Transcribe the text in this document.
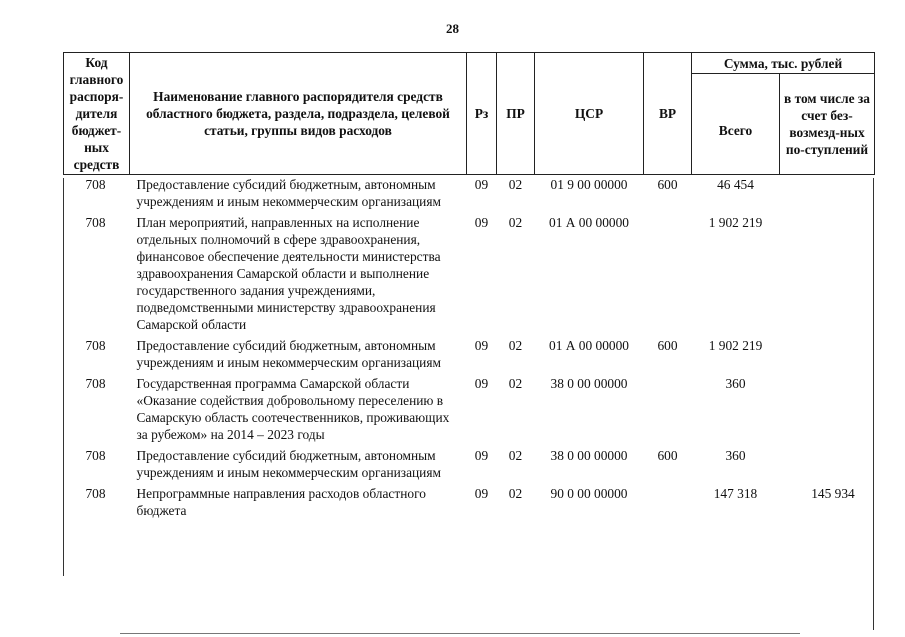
28
Код главного распоря-дителя бюджет-ных средств	Наименование главного распорядителя средств областного бюджета, раздела, подраздела, целевой статьи, группы видов расходов	Рз	ПР	ЦСР	ВР	Сумма, тыс. рублей	
						Всего	в том числе за счет без-возмезд-ных по-ступлений
708	Предоставление субсидий бюджетным, автономным учреждениям и иным некоммерческим организациям	09	02	01 9 00 00000	600	46 454	

708	План мероприятий, направленных на исполнение отдельных полномочий в сфере здравоохранения, финансовое обеспечение деятельности министерства здравоохранения Самарской области и выполнение государственного задания учреждениями, подведомственными министерству здравоохранения Самарской области	09	02	01 А 00 00000		1 902 219	

708	Предоставление субсидий бюджетным, автономным учреждениям и иным некоммерческим организациям	09	02	01 А 00 00000	600	1 902 219	

708	Государственная программа Самарской области «Оказание содействия добровольному переселению в Самарскую область соотечественников, проживающих за рубежом» на 2014 – 2023 годы	09	02	38 0 00 00000		360	

708	Предоставление субсидий бюджетным, автономным учреждениям и иным некоммерческим организациям	09	02	38 0 00 00000	600	360	

708	Непрограммные направления расходов областного бюджета	09	02	90 0 00 00000		147 318	145 934
